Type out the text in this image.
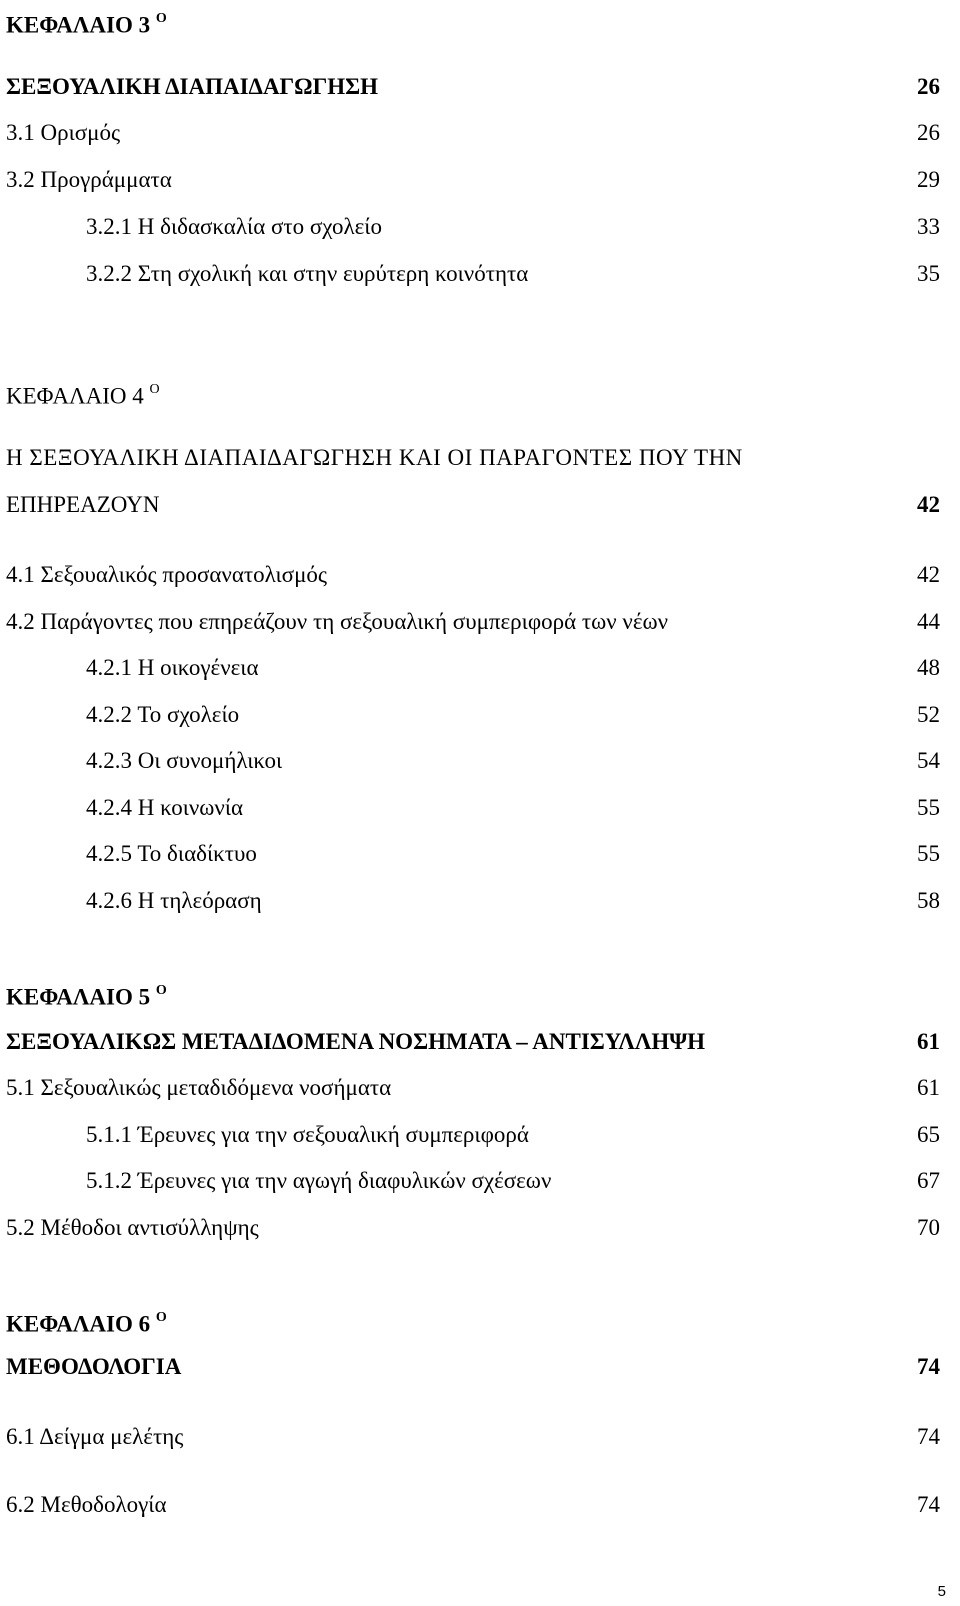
ΚΕΦΑΛΑΙΟ 3 $^O$
ΣΕΞΟΥΑΛΙΚΗ ΔΙΑΠΑΙΔΑΓΩΓΗΣΗ	26
3.1 Ορισμός	26
3.2 Προγράμματα	29
3.2.1 Η διδασκαλία στο σχολείο	33
3.2.2 Στη σχολική και στην ευρύτερη κοινότητα	35
ΚΕΦΑΛΑΙΟ 4 $^O$
Η ΣΕΞΟΥΑΛΙΚΗ ΔΙΑΠΑΙΔΑΓΩΓΗΣΗ ΚΑΙ ΟΙ ΠΑΡΑΓΟΝΤΕΣ ΠΟΥ ΤΗΝ
ΕΠΗΡΕΑΖΟΥΝ	42
4.1 Σεξουαλικός προσανατολισμός	42
4.2 Παράγοντες που επηρεάζουν τη σεξουαλική συμπεριφορά των νέων	44
4.2.1 Η οικογένεια	48
4.2.2 Το σχολείο	52
4.2.3 Οι συνομήλικοι	54
4.2.4 Η κοινωνία	55
4.2.5 Το διαδίκτυο	55
4.2.6 Η τηλεόραση	58
ΚΕΦΑΛΑΙΟ 5 $^O$
ΣΕΞΟΥΑΛΙΚΩΣ ΜΕΤΑΔΙΔΟΜΕΝΑ ΝΟΣΗΜΑΤΑ – ΑΝΤΙΣΥΛΛΗΨΗ	61
5.1 Σεξουαλικώς μεταδιδόμενα νοσήματα	61
5.1.1 Έρευνες για την σεξουαλική συμπεριφορά	65
5.1.2 Έρευνες για την αγωγή διαφυλικών σχέσεων	67
5.2 Μέθοδοι αντισύλληψης	70
ΚΕΦΑΛΑΙΟ 6 $^O$
ΜΕΘΟΔΟΛΟΓΙΑ	74
6.1 Δείγμα μελέτης	74
6.2 Μεθοδολογία	74
5
